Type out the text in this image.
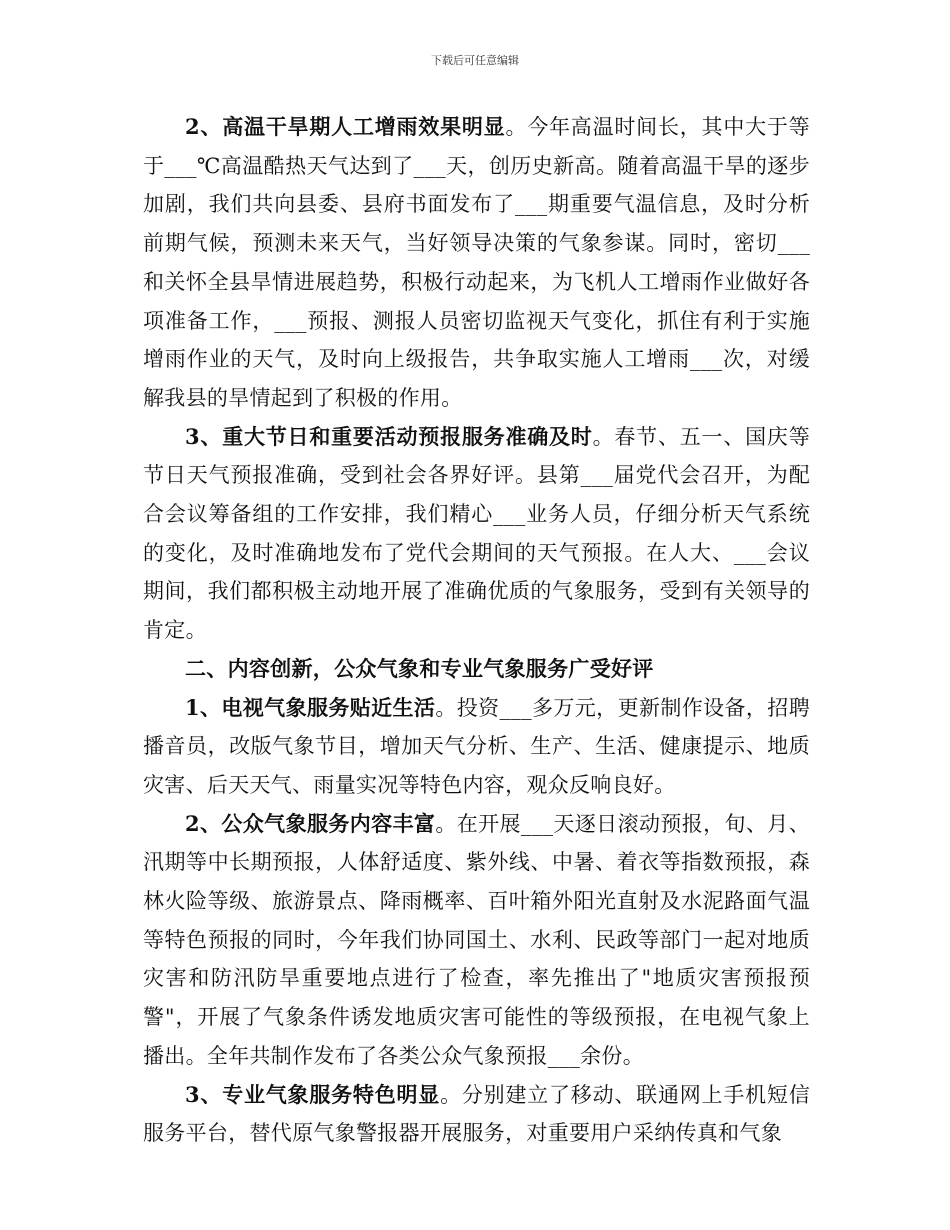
下载后可任意编辑

2、高温干旱期人工增雨效果明显。今年高温时间长，其中大于等于___℃高温酷热天气达到了___天，创历史新高。随着高温干旱的逐步加剧，我们共向县委、县府书面发布了___期重要气温信息，及时分析前期气候，预测未来天气，当好领导决策的气象参谋。同时，密切___和关怀全县旱情进展趋势，积极行动起来，为飞机人工增雨作业做好各项准备工作，___预报、测报人员密切监视天气变化，抓住有利于实施增雨作业的天气，及时向上级报告，共争取实施人工增雨___次，对缓解我县的旱情起到了积极的作用。

3、重大节日和重要活动预报服务准确及时。春节、五一、国庆等节日天气预报准确，受到社会各界好评。县第___届党代会召开，为配合会议筹备组的工作安排，我们精心___业务人员，仔细分析天气系统的变化，及时准确地发布了党代会期间的天气预报。在人大、___会议期间，我们都积极主动地开展了准确优质的气象服务，受到有关领导的肯定。

二、内容创新，公众气象和专业气象服务广受好评

1、电视气象服务贴近生活。投资___多万元，更新制作设备，招聘播音员，改版气象节目，增加天气分析、生产、生活、健康提示、地质灾害、后天天气、雨量实况等特色内容，观众反响良好。

2、公众气象服务内容丰富。在开展___天逐日滚动预报，旬、月、汛期等中长期预报，人体舒适度、紫外线、中暑、着衣等指数预报，森林火险等级、旅游景点、降雨概率、百叶箱外阳光直射及水泥路面气温等特色预报的同时，今年我们协同国土、水利、民政等部门一起对地质灾害和防汛防旱重要地点进行了检查，率先推出了"地质灾害预报预警"，开展了气象条件诱发地质灾害可能性的等级预报，在电视气象上播出。全年共制作发布了各类公众气象预报___余份。

3、专业气象服务特色明显。分别建立了移动、联通网上手机短信服务平台，替代原气象警报器开展服务，对重要用户采纳传真和气象
